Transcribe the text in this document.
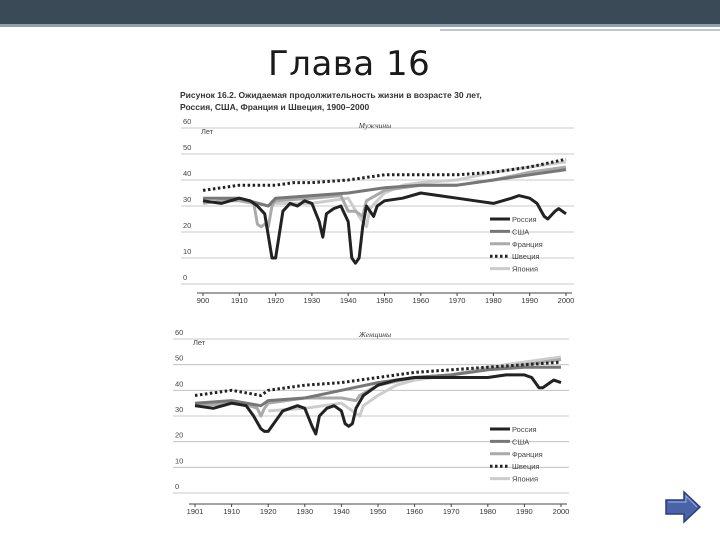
Глава 16
Рисунок 16.2. Ожидаемая продолжительность жизни в возрасте 30 лет,
Россия, США, Франция и Швеция, 1900–2000
0
10
20
30
40
50
60
Лет
900	1910	1920	1930	1940	1950	1960	1970	1980	1990	2000
Мужчины
Россия
США
Франция
Швеция
Япония
0
10
20
30
40
50
60
Лет
1901	1910	1920	1930	1940	1950	1960	1970	1980	1990	2000
Женщины
Россия
США
Франция
Швеция
Япония
